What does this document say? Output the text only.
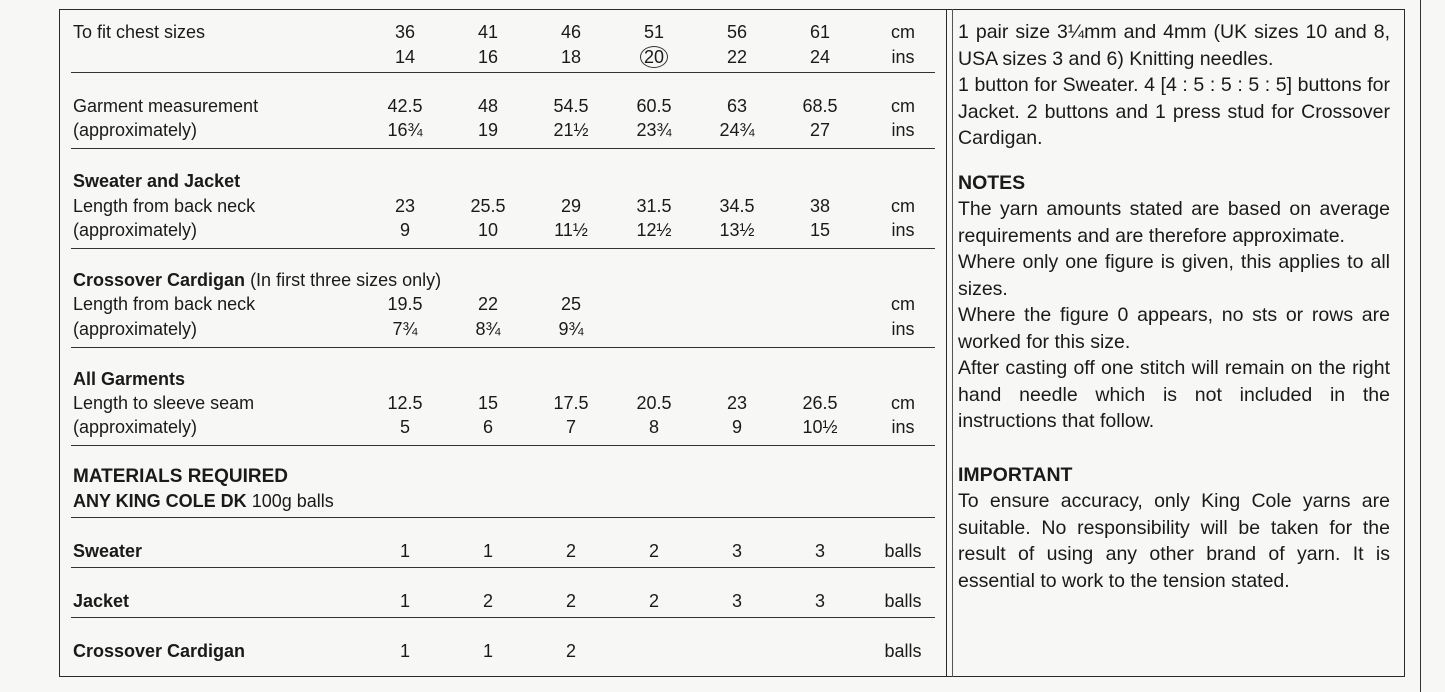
To fit chest sizes	36	41	46	51	56	61	cm
14	16	18	20	22	24	ins
Garment measurement
(approximately)
42.5	48	54.5	60.5	63	68.5	cm
16¾	19	21½	23¾	24¾	27	ins
Sweater and Jacket
Length from back neck
(approximately)
23	25.5	29	31.5	34.5	38	cm
9	10	11½	12½	13½	15	ins
Crossover Cardigan (In first three sizes only)
Length from back neck
(approximately)
19.5	22	25	cm
7¾	8¾	9¾	ins
All Garments
Length to sleeve seam
(approximately)
12.5	15	17.5	20.5	23	26.5	cm
5	6	7	8	9	10½	ins
MATERIALS REQUIRED
ANY KING COLE DK 100g balls
Sweater	1	1	2	2	3	3	balls
Jacket	1	2	2	2	3	3	balls
Crossover Cardigan	1	1	2	balls

1 pair size 3¼mm and 4mm (UK sizes 10 and 8, USA sizes 3 and 6) Knitting needles.

1 button for Sweater. 4 [4 : 5 : 5 : 5 : 5] buttons for Jacket. 2 buttons and 1 press stud for Crossover Cardigan.

NOTES

The yarn amounts stated are based on average requirements and are therefore approximate.

Where only one figure is given, this applies to all sizes.

Where the figure 0 appears, no sts or rows are worked for this size.

After casting off one stitch will remain on the right hand needle which is not included in the instructions that follow.

IMPORTANT

To ensure accuracy, only King Cole yarns are suitable. No responsibility will be taken for the result of using any other brand of yarn. It is essential to work to the tension stated.
